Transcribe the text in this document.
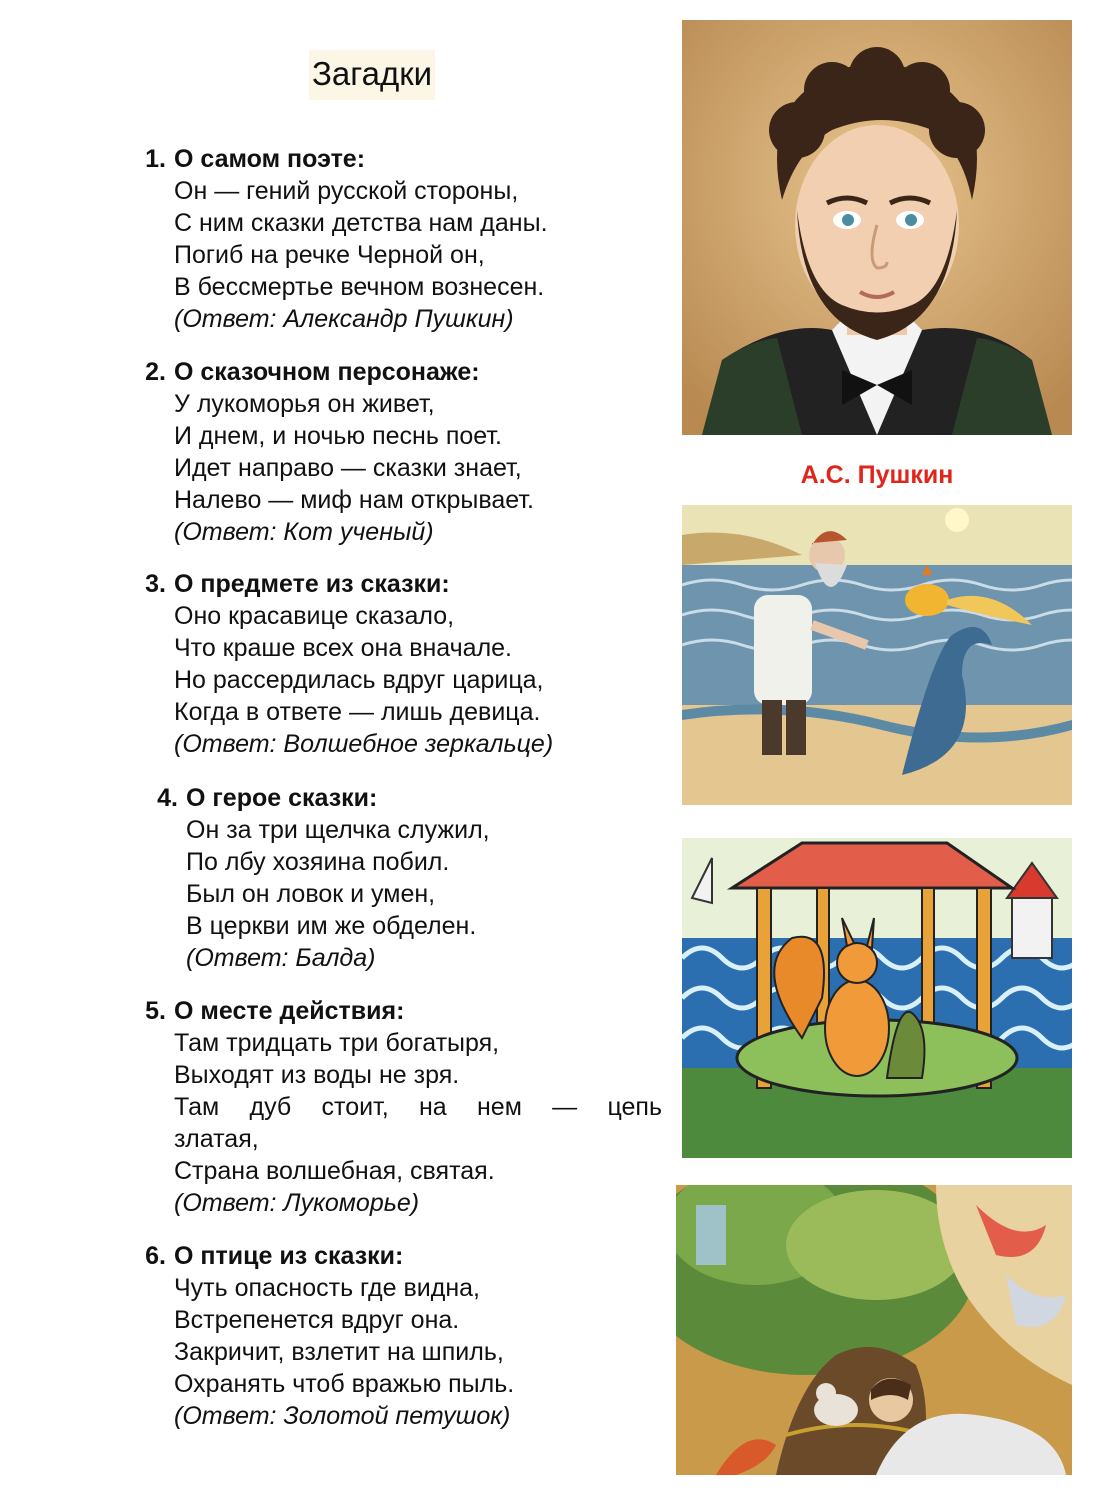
Загадки
1. О самом поэте:
Он — гений русской стороны,
С ним сказки детства нам даны.
Погиб на речке Черной он,
В бессмертье вечном вознесен.
(Ответ: Александр Пушкин)
2. О сказочном персонаже:
У лукоморья он живет,
И днем, и ночью песнь поет.
Идет направо — сказки знает,
Налево — миф нам открывает.
(Ответ: Кот ученый)
3. О предмете из сказки:
Оно красавице сказало,
Что краше всех она вначале.
Но рассердилась вдруг царица,
Когда в ответе — лишь девица.
(Ответ: Волшебное зеркальце)
4. О герое сказки:
Он за три щелчка служил,
По лбу хозяина побил.
Был он ловок и умен,
В церкви им же обделен.
(Ответ: Балда)
5. О месте действия:
Там тридцать три богатыря,
Выходят из воды не зря.
Там дуб стоит, на нем — цепь
златая,
Страна волшебная, святая.
(Ответ: Лукоморье)
6. О птице из сказки:
Чуть опасность где видна,
Встрепенется вдруг она.
Закричит, взлетит на шпиль,
Охранять чтоб вражью пыль.
(Ответ: Золотой петушок)
А.С. Пушкин
